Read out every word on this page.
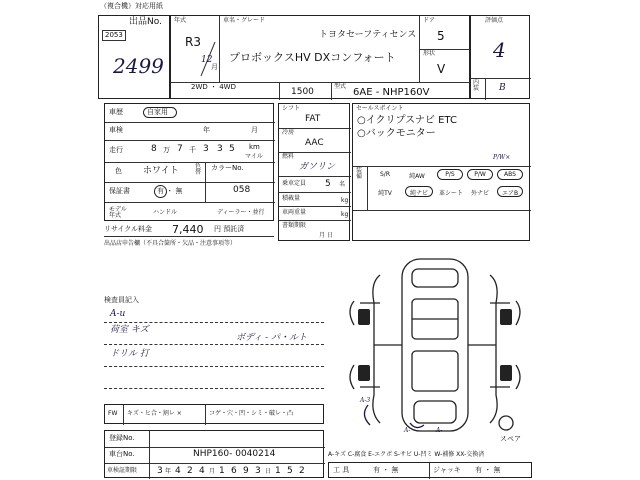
（複合機）対応用紙
出品No.
2053
2499
年式
R3
12
月
車名・グレード
トヨタセーフティセンス
プロボックスHV DXコンフォート
ドア
5
形状
V
2WD ・ 4WD	1500
型式
6AE - NHP160V
評価点
4
内装	B
車歴	自家用
車検	年	月
走行	8 万 7 千 3 3 5 km
マイル
色 ホワイト	色替
カラーNo.
保証書	有 ・ 無	058
モデル年式	ハンドル	ディーラー・並行
リサイクル料金 7,440 円 預託済
出品店申告欄（不具合箇所・欠品・注意事項等）
シフト
FAT
冷房
AAC
燃料
ガソリン
乗車定員 5 名
積載量	kg
車両重量	kg
書類期限
月 日
セールスポイント
○イクリプスナビ ETC
○バックモニター
装備
P/W×
S/R	純AW	P/S	P/W	ABS
純TV	純ナビ	革シート	外ナビ	エアB
検査員記入
A-u
荷室 キズ
ドリル 打
ボディ - パ・ルト
FW キズ・ヒ合・割レ ×	コゲ・穴・凹・シミ・破レ・凸
登録No.
車台No.	NHP160- 0040214
車検証期限 3 年 4 2 4 月 1 6 9 3 日 1 5 2
A-3
A-	A-
スペア
A-キズ C-腐食 E-エクボ S-サビ U-凹ミ W-補修 XX-交換済
工 具	有 ・ 無	ジャッキ 有 ・ 無
